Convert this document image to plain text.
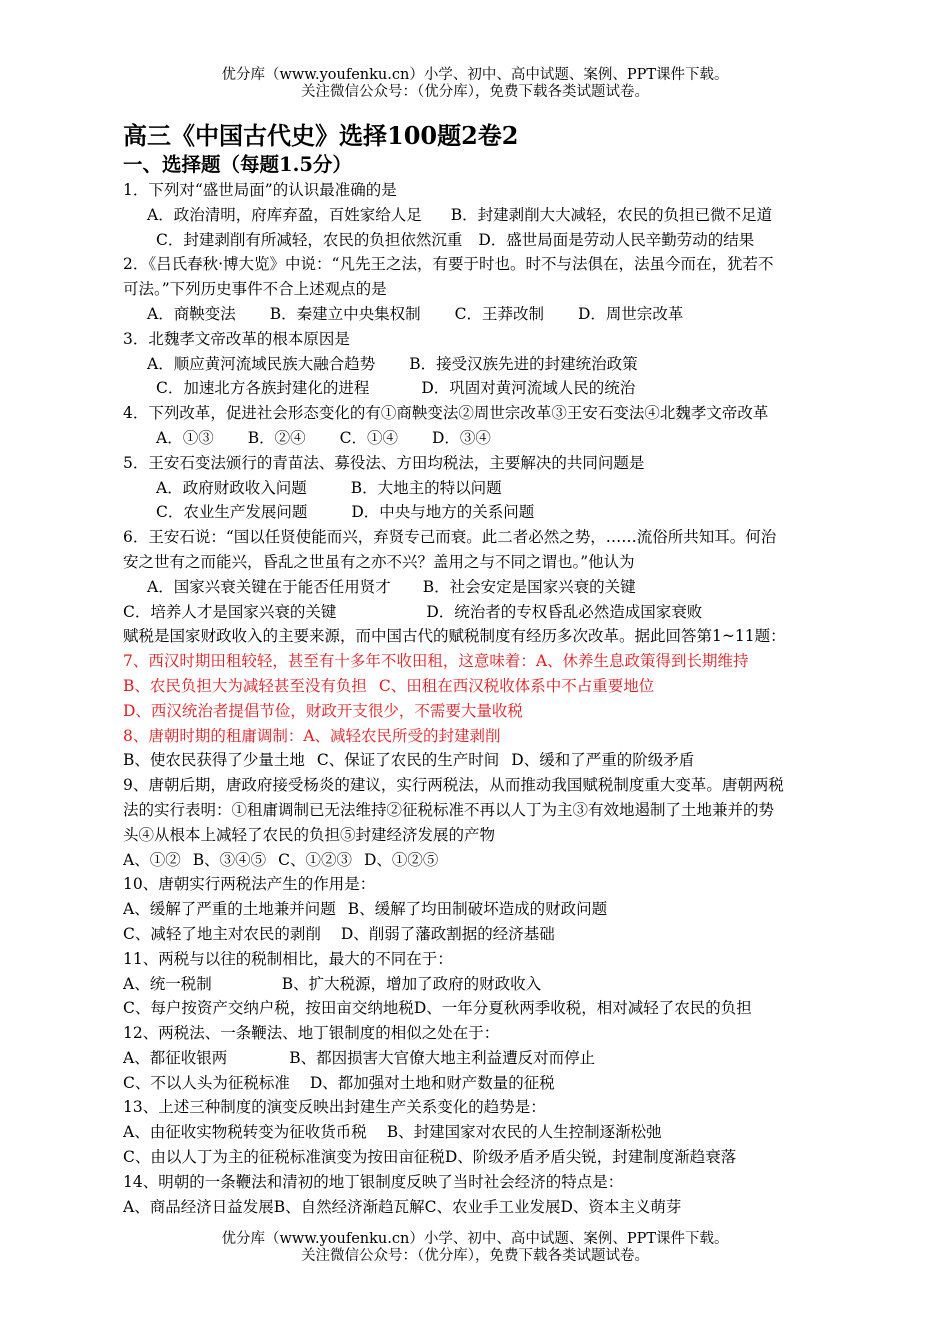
优分库（www.youfenku.cn）小学、初中、高中试题、案例、PPT课件下载。
关注微信公众号：（优分库），免费下载各类试题试卷。
高三《中国古代史》选择100题2卷2
一、选择题（每题1.5分）
1．下列对“盛世局面”的认识最准确的是
A．政治清明，府库弃盈，百姓家给人足 B．封建剥削大大减轻，农民的负担已微不足道
C．封建剥削有所减轻，农民的负担依然沉重 D．盛世局面是劳动人民辛勤劳动的结果
2．《吕氏春秋·博大览》中说：“凡先王之法，有要于时也。时不与法俱在，法虽今而在，犹若不
可法。”下列历史事件不合上述观点的是
A．商鞅变法 B．秦建立中央集权制 C．王莽改制 D．周世宗改革
3．北魏孝文帝改革的根本原因是
A．顺应黄河流域民族大融合趋势 B．接受汉族先进的封建统治政策
C．加速北方各族封建化的进程	D．巩固对黄河流域人民的统治
4．下列改革，促进社会形态变化的有①商鞅变法②周世宗改革③王安石变法④北魏孝文帝改革
A．①③ B．②④ C．①④ D．③④
5．王安石变法颁行的青苗法、募役法、方田均税法，主要解决的共同问题是
A．政府财政收入问题	B．大地主的特以问题
C．农业生产发展问题	D．中央与地方的关系问题
6．王安石说：“国以任贤使能而兴，弃贤专己而衰。此二者必然之势，……流俗所共知耳。何治
安之世有之而能兴，昏乱之世虽有之亦不兴？盖用之与不同之谓也。”他认为
A．国家兴衰关键在于能否任用贤才 B．社会安定是国家兴衰的关键
C．培养人才是国家兴衰的关键	D．统治者的专权昏乱必然造成国家衰败
赋税是国家财政收入的主要来源，而中国古代的赋税制度有经历多次改革。据此回答第1~11题：
7、西汉时期田租较轻，甚至有十多年不收田租，这意味着：A、休养生息政策得到长期维持
B、农民负担大为减轻甚至没有负担 C、田租在西汉税收体系中不占重要地位
D、西汉统治者提倡节俭，财政开支很少，不需要大量收税
8、唐朝时期的租庸调制：A、减轻农民所受的封建剥削
B、使农民获得了少量土地 C、保证了农民的生产时间 D、缓和了严重的阶级矛盾
9、唐朝后期，唐政府接受杨炎的建议，实行两税法，从而推动我国赋税制度重大变革。唐朝两税
法的实行表明：①租庸调制已无法维持②征税标准不再以人丁为主③有效地遏制了土地兼并的势
头④从根本上减轻了农民的负担⑤封建经济发展的产物
A、①② B、③④⑤ C、①②③ D、①②⑤
10、唐朝实行两税法产生的作用是：
A、缓解了严重的土地兼并问题 B、缓解了均田制破坏造成的财政问题
C、减轻了地主对农民的剥削 D、削弱了藩政割据的经济基础
11、两税与以往的税制相比，最大的不同在于：
A、统一税制	B、扩大税源，增加了政府的财政收入
C、每户按资产交纳户税，按田亩交纳地税D、一年分夏秋两季收税，相对减轻了农民的负担
12、两税法、一条鞭法、地丁银制度的相似之处在于：
A、都征收银两	B、都因损害大官僚大地主利益遭反对而停止
C、不以人头为征税标准 D、都加强对土地和财产数量的征税
13、上述三种制度的演变反映出封建生产关系变化的趋势是：
A、由征收实物税转变为征收货币税 B、封建国家对农民的人生控制逐渐松弛
C、由以人丁为主的征税标准演变为按田亩征税D、阶级矛盾矛盾尖锐，封建制度渐趋衰落
14、明朝的一条鞭法和清初的地丁银制度反映了当时社会经济的特点是：
A、商品经济日益发展B、自然经济渐趋瓦解C、农业手工业发展D、资本主义萌芽
优分库（www.youfenku.cn）小学、初中、高中试题、案例、PPT课件下载。
关注微信公众号：（优分库），免费下载各类试题试卷。
